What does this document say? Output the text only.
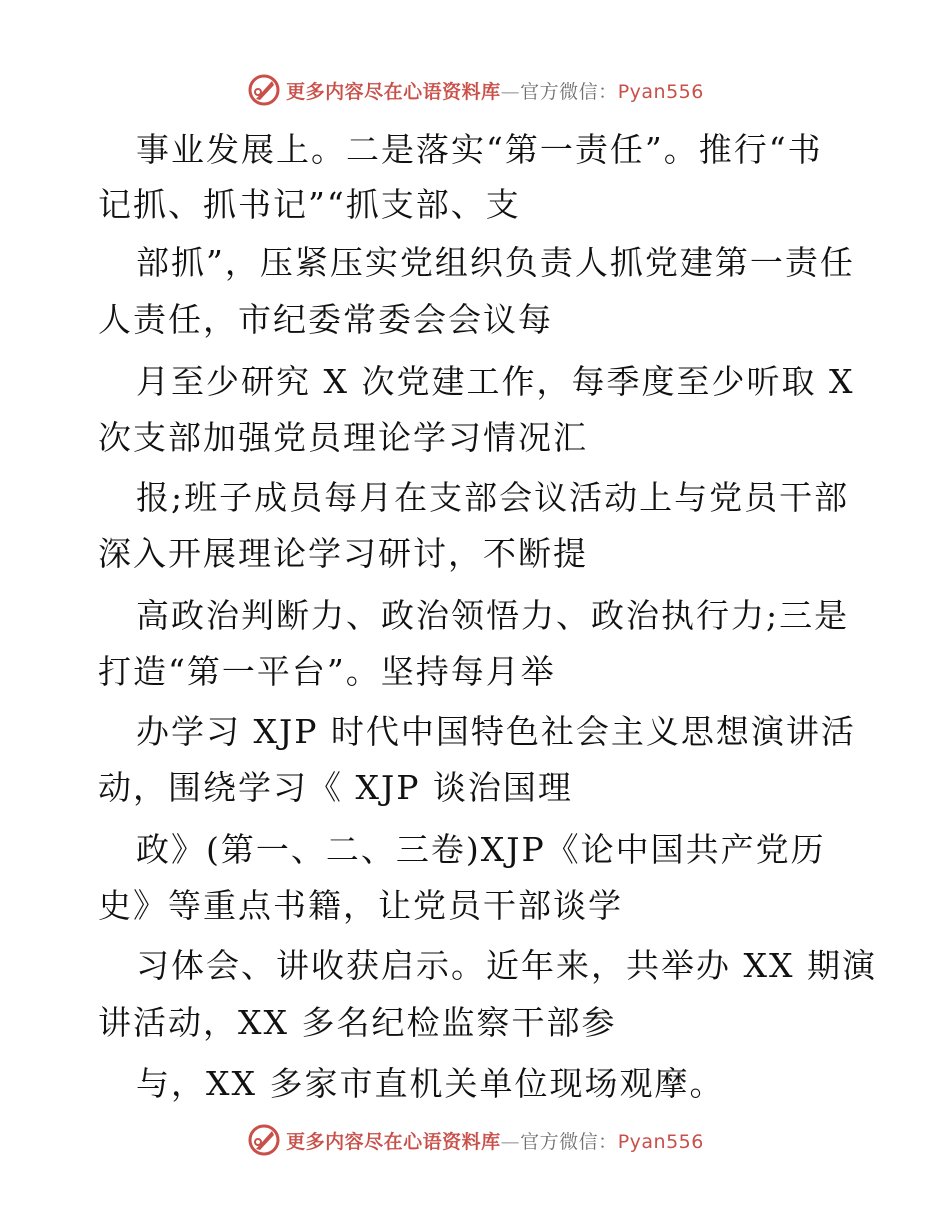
更多内容尽在心语资料库—官方微信：Pyan556
事业发展上。二是落实“第一责任”。推行“书
记抓、抓书记”“抓支部、支
部抓”，压紧压实党组织负责人抓党建第一责任
人责任，市纪委常委会会议每
月至少研究 X 次党建工作，每季度至少听取 X
次支部加强党员理论学习情况汇
报;班子成员每月在支部会议活动上与党员干部
深入开展理论学习研讨，不断提
高政治判断力、政治领悟力、政治执行力;三是
打造“第一平台”。坚持每月举
办学习 XJP 时代中国特色社会主义思想演讲活
动，围绕学习《 XJP 谈治国理
政》(第一、二、三卷)XJP《论中国共产党历
史》等重点书籍，让党员干部谈学
习体会、讲收获启示。近年来，共举办 XX 期演
讲活动，XX 多名纪检监察干部参
与，XX 多家市直机关单位现场观摩。
更多内容尽在心语资料库—官方微信：Pyan556
